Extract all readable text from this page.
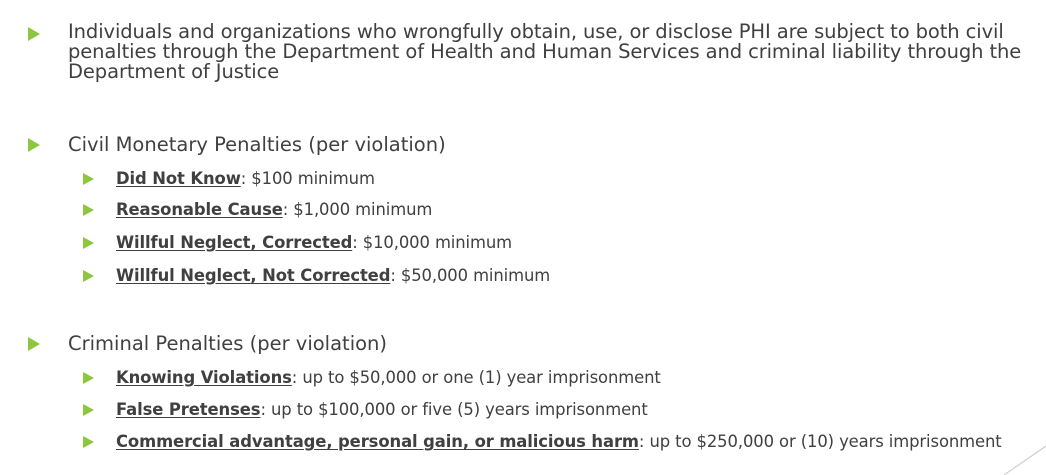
Individuals and organizations who wrongfully obtain, use, or disclose PHI are subject to both civil
penalties through the Department of Health and Human Services and criminal liability through the
Department of Justice
Civil Monetary Penalties (per violation)
Did Not Know: $100 minimum
Reasonable Cause: $1,000 minimum
Willful Neglect, Corrected: $10,000 minimum
Willful Neglect, Not Corrected: $50,000 minimum
Criminal Penalties (per violation)
Knowing Violations: up to $50,000 or one (1) year imprisonment
False Pretenses: up to $100,000 or five (5) years imprisonment
Commercial advantage, personal gain, or malicious harm: up to $250,000 or (10) years imprisonment
